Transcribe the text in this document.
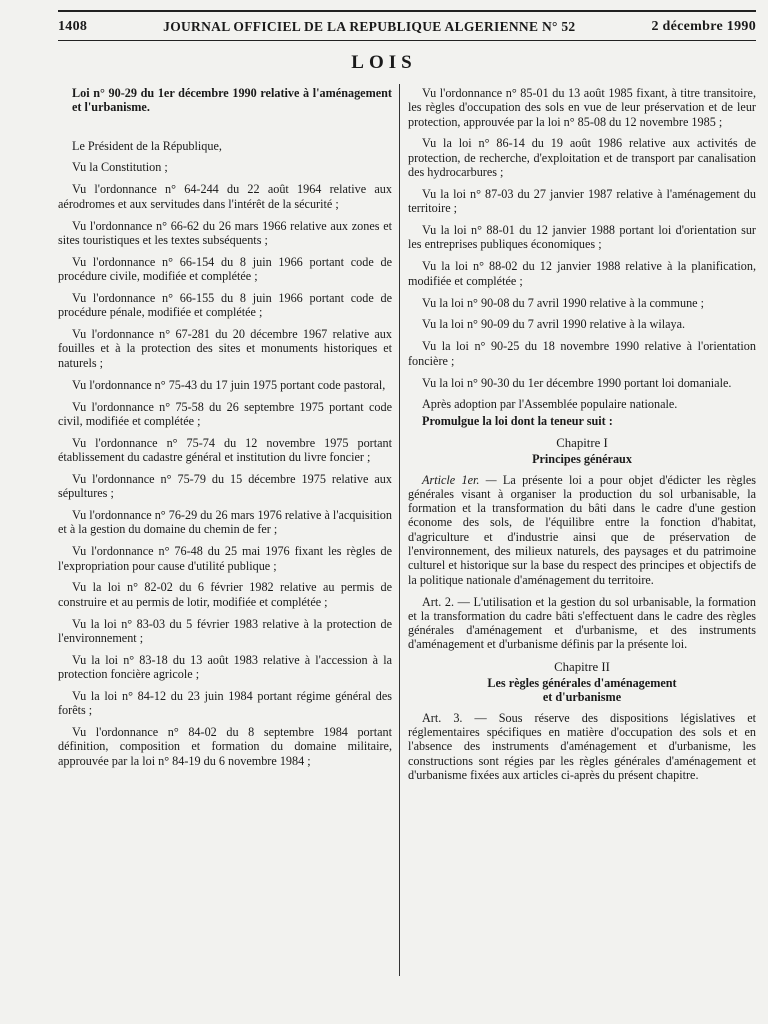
1408	JOURNAL OFFICIEL DE LA REPUBLIQUE ALGERIENNE N° 52	2 décembre 1990
LOIS

Loi n° 90-29 du 1er décembre 1990 relative à l'aménagement et l'urbanisme.

Le Président de la République,

Vu la Constitution ;

Vu l'ordonnance n° 64-244 du 22 août 1964 relative aux aérodromes et aux servitudes dans l'intérêt de la sécurité ;

Vu l'ordonnance n° 66-62 du 26 mars 1966 relative aux zones et sites touristiques et les textes subséquents ;

Vu l'ordonnance n° 66-154 du 8 juin 1966 portant code de procédure civile, modifiée et complétée ;

Vu l'ordonnance n° 66-155 du 8 juin 1966 portant code de procédure pénale, modifiée et complétée ;

Vu l'ordonnance n° 67-281 du 20 décembre 1967 relative aux fouilles et à la protection des sites et monuments historiques et naturels ;

Vu l'ordonnance n° 75-43 du 17 juin 1975 portant code pastoral,

Vu l'ordonnance n° 75-58 du 26 septembre 1975 portant code civil, modifiée et complétée ;

Vu l'ordonnance n° 75-74 du 12 novembre 1975 portant établissement du cadastre général et institution du livre foncier ;

Vu l'ordonnance n° 75-79 du 15 décembre 1975 relative aux sépultures ;

Vu l'ordonnance n° 76-29 du 26 mars 1976 relative à l'acquisition et à la gestion du domaine du chemin de fer ;

Vu l'ordonnance n° 76-48 du 25 mai 1976 fixant les règles de l'expropriation pour cause d'utilité publique ;

Vu la loi n° 82-02 du 6 février 1982 relative au permis de construire et au permis de lotir, modifiée et complétée ;

Vu la loi n° 83-03 du 5 février 1983 relative à la protection de l'environnement ;

Vu la loi n° 83-18 du 13 août 1983 relative à l'accession à la protection foncière agricole ;

Vu la loi n° 84-12 du 23 juin 1984 portant régime général des forêts ;

Vu l'ordonnance n° 84-02 du 8 septembre 1984 portant définition, composition et formation du domaine militaire, approuvée par la loi n° 84-19 du 6 novembre 1984 ;

Vu l'ordonnance n° 85-01 du 13 août 1985 fixant, à titre transitoire, les règles d'occupation des sols en vue de leur préservation et de leur protection, approuvée par la loi n° 85-08 du 12 novembre 1985 ;

Vu la loi n° 86-14 du 19 août 1986 relative aux activités de protection, de recherche, d'exploitation et de transport par canalisation des hydrocarbures ;

Vu la loi n° 87-03 du 27 janvier 1987 relative à l'aménagement du territoire ;

Vu la loi n° 88-01 du 12 janvier 1988 portant loi d'orientation sur les entreprises publiques économiques ;

Vu la loi n° 88-02 du 12 janvier 1988 relative à la planification, modifiée et complétée ;

Vu la loi n° 90-08 du 7 avril 1990 relative à la commune ;

Vu la loi n° 90-09 du 7 avril 1990 relative à la wilaya.

Vu la loi n° 90-25 du 18 novembre 1990 relative à l'orientation foncière ;

Vu la loi n° 90-30 du 1er décembre 1990 portant loi domaniale.

Après adoption par l'Assemblée populaire nationale.

Promulgue la loi dont la teneur suit :

Chapitre I

Principes généraux

Article 1er. — La présente loi a pour objet d'édicter les règles générales visant à organiser la production du sol urbanisable, la formation et la transformation du bâti dans le cadre d'une gestion économe des sols, de l'équilibre entre la fonction d'habitat, d'agriculture et d'industrie ainsi que de préservation de l'environnement, des milieux naturels, des paysages et du patrimoine culturel et historique sur la base du respect des principes et objectifs de la politique nationale d'aménagement du territoire.

Art. 2. — L'utilisation et la gestion du sol urbanisable, la formation et la transformation du cadre bâti s'effectuent dans le cadre des règles générales d'aménagement et d'urbanisme, et des instruments d'aménagement et d'urbanisme définis par la présente loi.

Chapitre II

Les règles générales d'aménagement

et d'urbanisme

Art. 3. — Sous réserve des dispositions législatives et réglementaires spécifiques en matière d'occupation des sols et en l'absence des instruments d'aménagement et d'urbanisme, les constructions sont régies par les règles générales d'aménagement et d'urbanisme fixées aux articles ci-après du présent chapitre.
